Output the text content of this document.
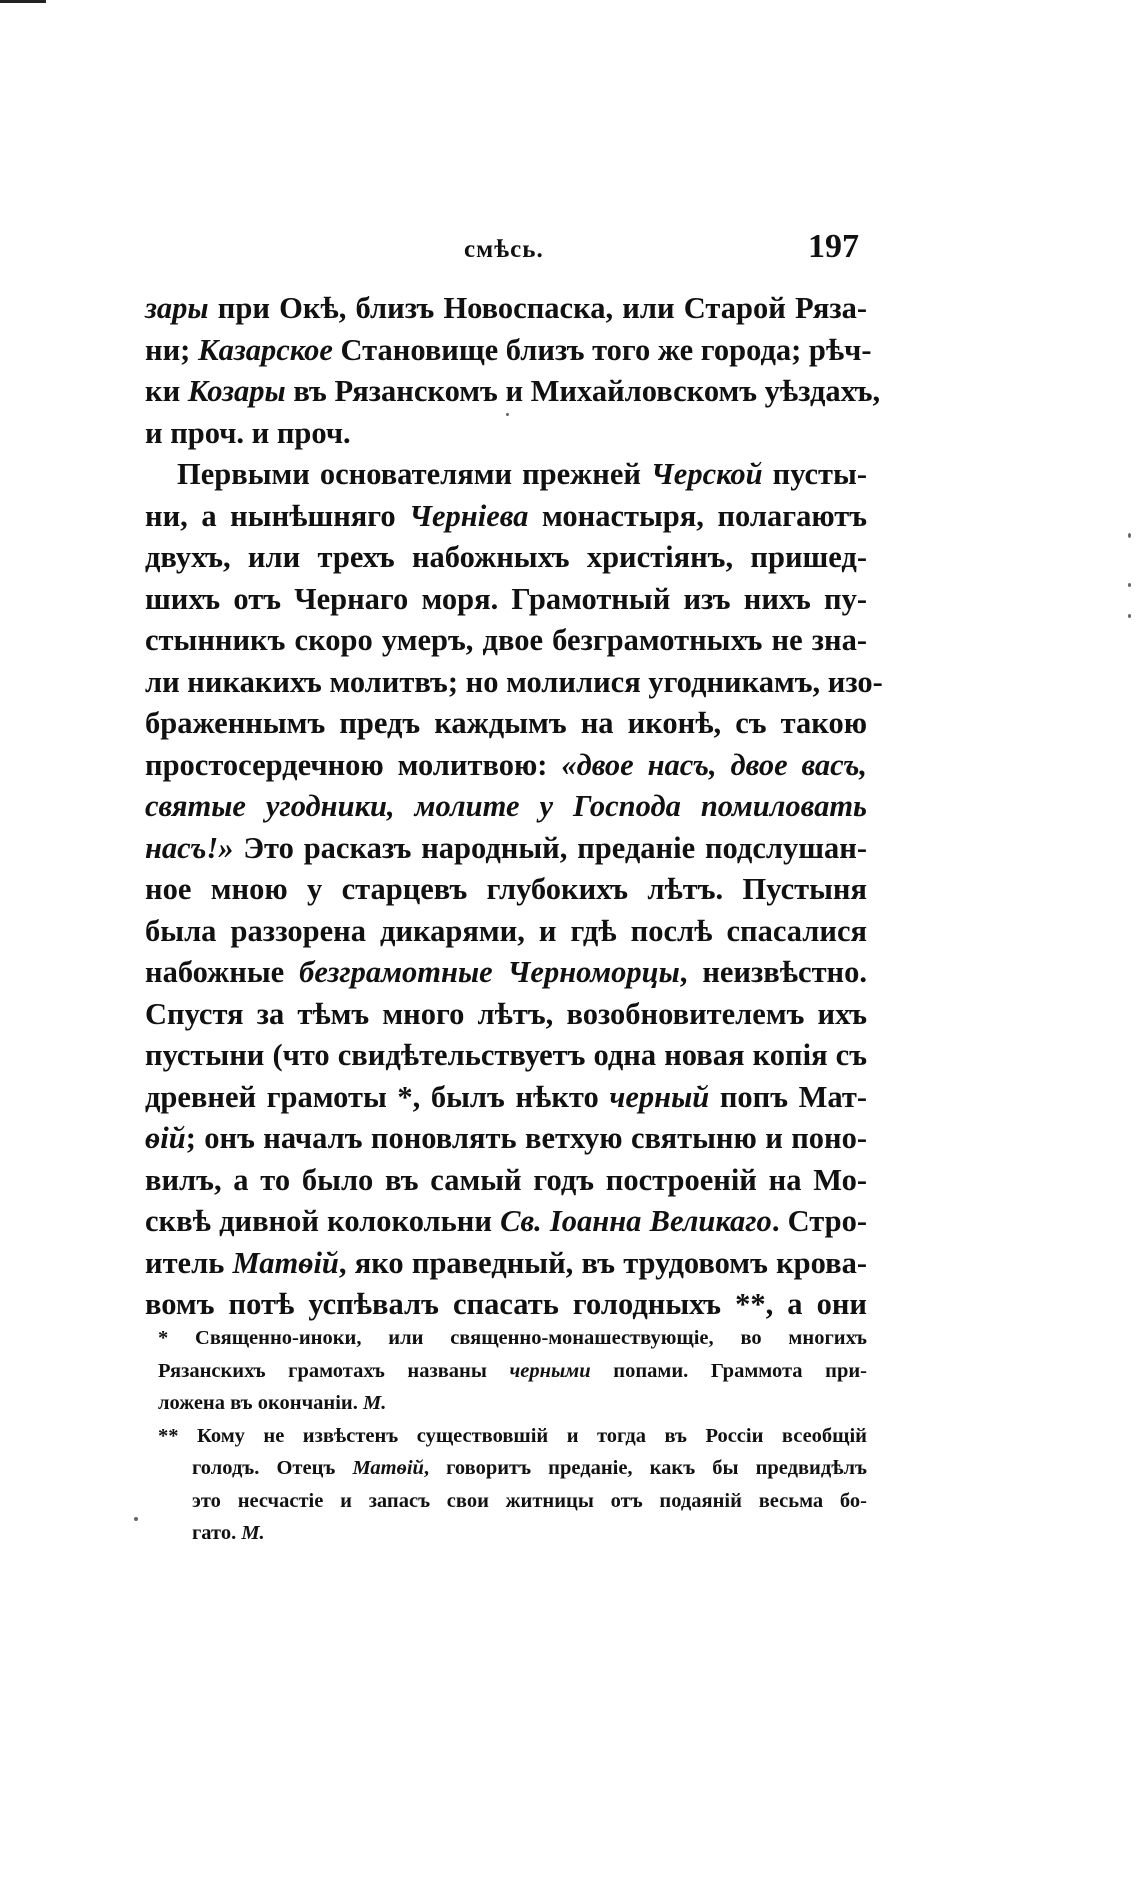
смѣсь.	197
зары при Окѣ, близъ Новоспаска, или Старой Ряза-
ни; Казарское Становище близъ того же города; рѣч-
ки Козары въ Рязанскомъ и Михайловскомъ уѣздахъ,
и проч. и проч.
Первыми основателями прежней Черской пусты-
ни, а нынѣшняго Черніева монастыря, полагаютъ
двухъ, или трехъ набожныхъ христіянъ, пришед-
шихъ отъ Чернаго моря. Грамотный изъ нихъ пу-
стынникъ скоро умеръ, двое безграмотныхъ не зна-
ли никакихъ молитвъ; но молилися угодникамъ, изо-
браженнымъ предъ каждымъ на иконѣ, съ такою
простосердечною молитвою: «двое насъ, двое васъ,
святые угодники, молите у Господа помиловать
насъ!» Это расказъ народный, преданіе подслушан-
ное мною у старцевъ глубокихъ лѣтъ. Пустыня
была раззорена дикарями, и гдѣ послѣ спасалися
набожные безграмотные Черноморцы, неизвѣстно.
Спустя за тѣмъ много лѣтъ, возобновителемъ ихъ
пустыни (что свидѣтельствуетъ одна новая копія съ
древней грамоты *, былъ нѣкто черный попъ Мат-
ѳій; онъ началъ поновлять ветхую святыню и поно-
вилъ, а то было въ самый годъ построеній на Мо-
сквѣ дивной колокольни Св. Іоанна Великаго. Стро-
итель Матѳій, яко праведный, въ трудовомъ крова-
вомъ потѣ успѣвалъ спасать голодныхъ **, а они
* Священно-иноки, или священно-монашествующіе, во многихъ
Рязанскихъ грамотахъ названы черными попами. Граммота при-
ложена въ окончаніи. М.
** Кому не извѣстенъ существовшій и тогда въ Россіи всеобщій
голодъ. Отецъ Матѳій, говоритъ преданіе, какъ бы предвидѣлъ
это несчастіе и запасъ свои житницы отъ подаяній весьма бо-
гато. М.
